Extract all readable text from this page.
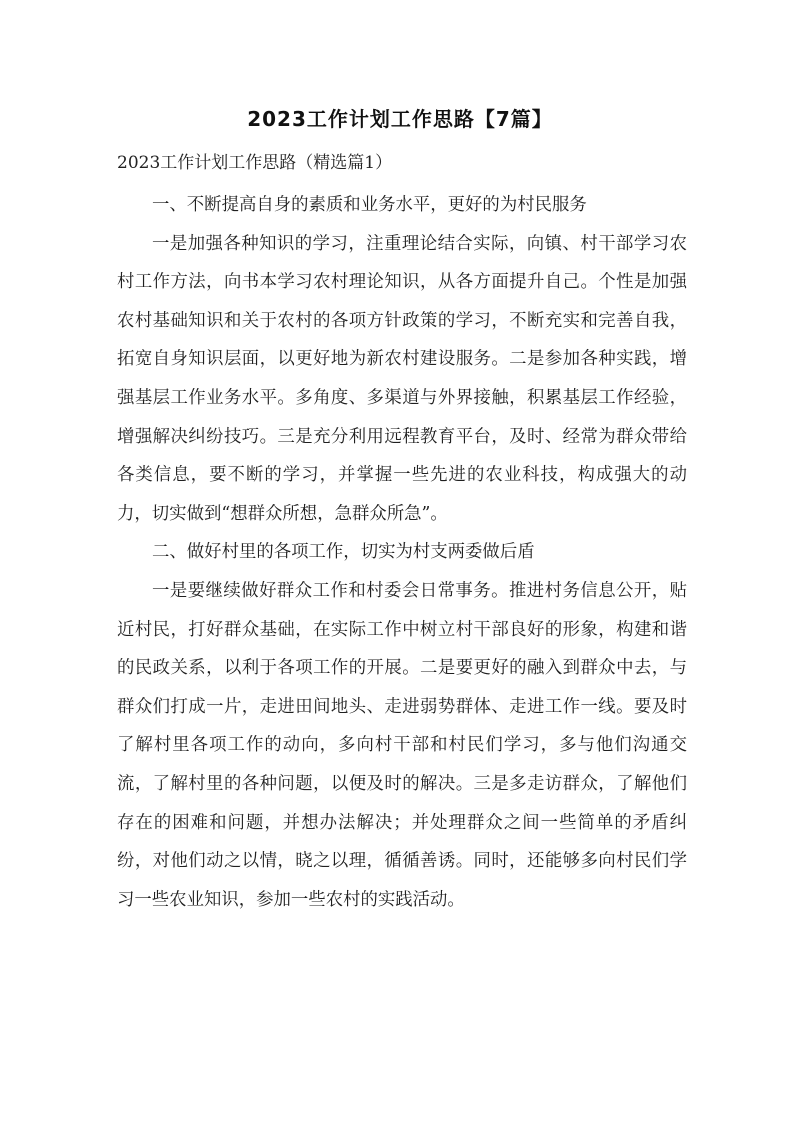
2023工作计划工作思路【7篇】
2023工作计划工作思路（精选篇1）

一、不断提高自身的素质和业务水平，更好的为村民服务

一是加强各种知识的学习，注重理论结合实际，向镇、村干部学习农村工作方法，向书本学习农村理论知识，从各方面提升自己。个性是加强农村基础知识和关于农村的各项方针政策的学习，不断充实和完善自我，拓宽自身知识层面，以更好地为新农村建设服务。二是参加各种实践，增强基层工作业务水平。多角度、多渠道与外界接触，积累基层工作经验，增强解决纠纷技巧。三是充分利用远程教育平台，及时、经常为群众带给各类信息，要不断的学习，并掌握一些先进的农业科技，构成强大的动力，切实做到“想群众所想，急群众所急”。

二、做好村里的各项工作，切实为村支两委做后盾

一是要继续做好群众工作和村委会日常事务。推进村务信息公开，贴近村民，打好群众基础，在实际工作中树立村干部良好的形象，构建和谐的民政关系，以利于各项工作的开展。二是要更好的融入到群众中去，与群众们打成一片，走进田间地头、走进弱势群体、走进工作一线。要及时了解村里各项工作的动向，多向村干部和村民们学习，多与他们沟通交流，了解村里的各种问题，以便及时的解决。三是多走访群众，了解他们存在的困难和问题，并想办法解决；并处理群众之间一些简单的矛盾纠纷，对他们动之以情，晓之以理，循循善诱。同时，还能够多向村民们学习一些农业知识，参加一些农村的实践活动。
